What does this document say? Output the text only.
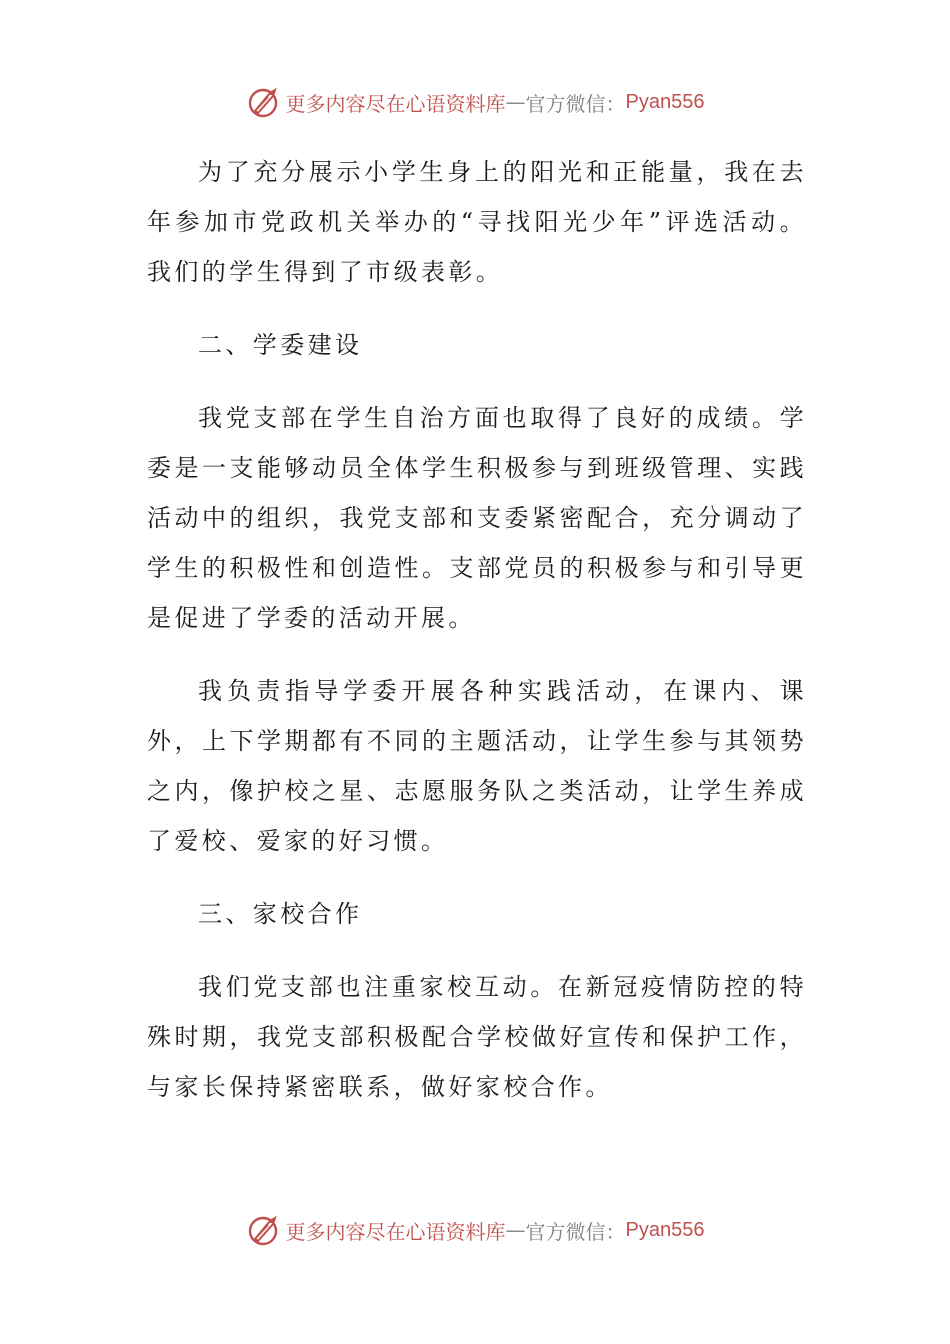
更多内容尽在心语资料库 — 官方微信： Pyan556

为了充分展示小学生身上的阳光和正能量，我在去年参加市党政机关举办的“寻找阳光少年”评选活动。我们的学生得到了市级表彰。

二、学委建设

我党支部在学生自治方面也取得了良好的成绩。学委是一支能够动员全体学生积极参与到班级管理、实践活动中的组织，我党支部和支委紧密配合，充分调动了学生的积极性和创造性。支部党员的积极参与和引导更是促进了学委的活动开展。

我负责指导学委开展各种实践活动，在课内、课外，上下学期都有不同的主题活动，让学生参与其领势之内，像护校之星、志愿服务队之类活动，让学生养成了爱校、爱家的好习惯。

三、家校合作

我们党支部也注重家校互动。在新冠疫情防控的特殊时期，我党支部积极配合学校做好宣传和保护工作，与家长保持紧密联系，做好家校合作。

更多内容尽在心语资料库 — 官方微信： Pyan556
